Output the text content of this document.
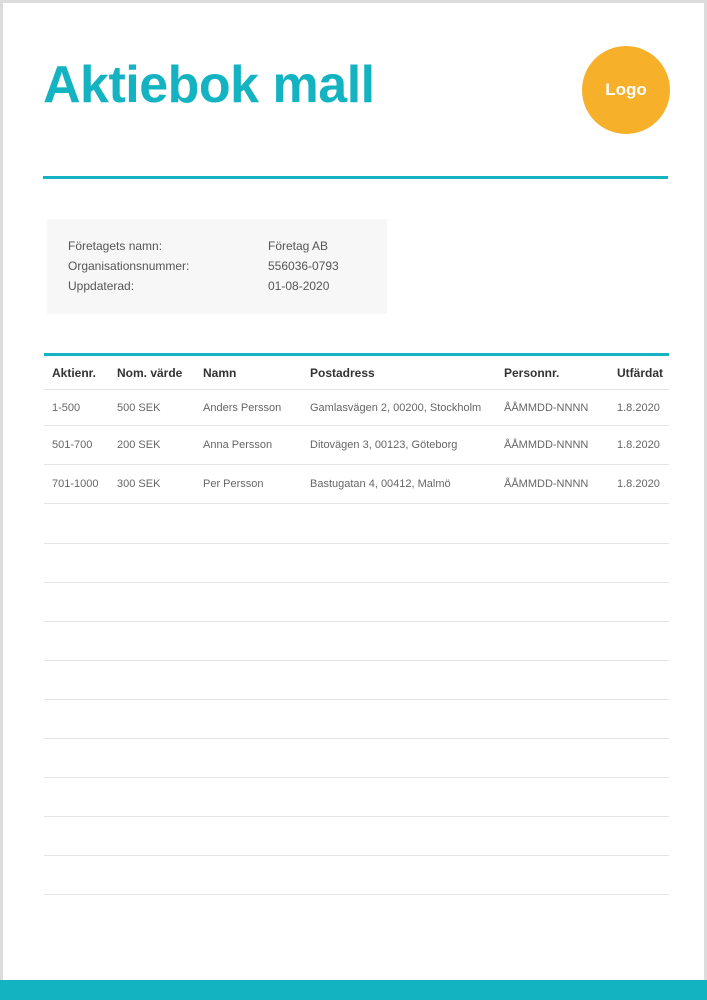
Aktiebok mall	Logo
Företagets namn:	Företag AB
Organisationsnummer:	556036-0793
Uppdaterad:	01-08-2020
Aktienr.	Nom. värde	Namn	Postadress	Personnr.	Utfärdat
1-500	500 SEK	Anders Persson	Gamlasvägen 2, 00200, Stockholm	ÅÅMMDD-NNNN	1.8.2020
501-700	200 SEK	Anna Persson	Ditovägen 3, 00123, Göteborg	ÅÅMMDD-NNNN	1.8.2020
701-1000	300 SEK	Per Persson	Bastugatan 4, 00412, Malmö	ÅÅMMDD-NNNN	1.8.2020
